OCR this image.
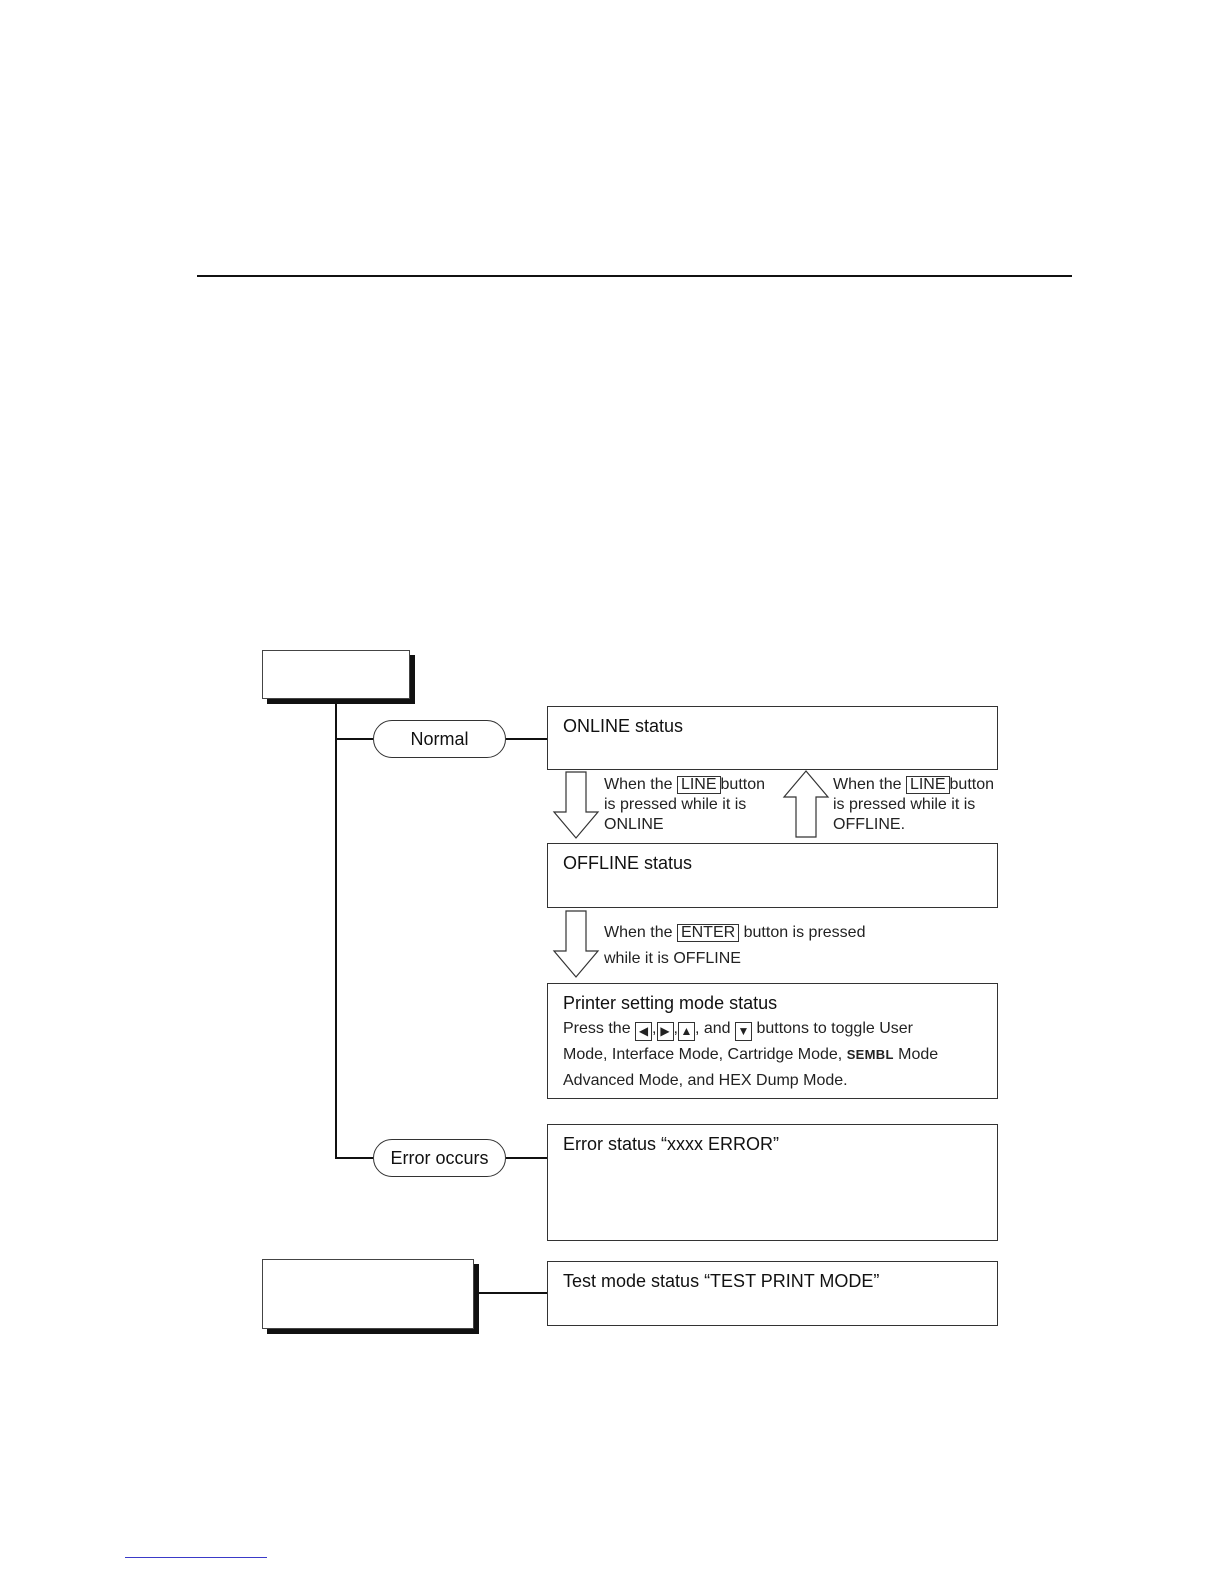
Normal
ONLINE status
When the LINE button
is pressed while it is
ONLINE
When the LINE button
is pressed while it is
OFFLINE.
OFFLINE status
When the ENTER button is pressed
while it is OFFLINE
Printer setting mode status
Press the ◀ , ▶ , ▲ , and ▼ buttons to toggle User
Mode, Interface Mode, Cartridge Mode, SEMBL Mode
Advanced Mode, and HEX Dump Mode.
Error occurs
Error status “xxxx ERROR”
Test mode status “TEST PRINT MODE”
